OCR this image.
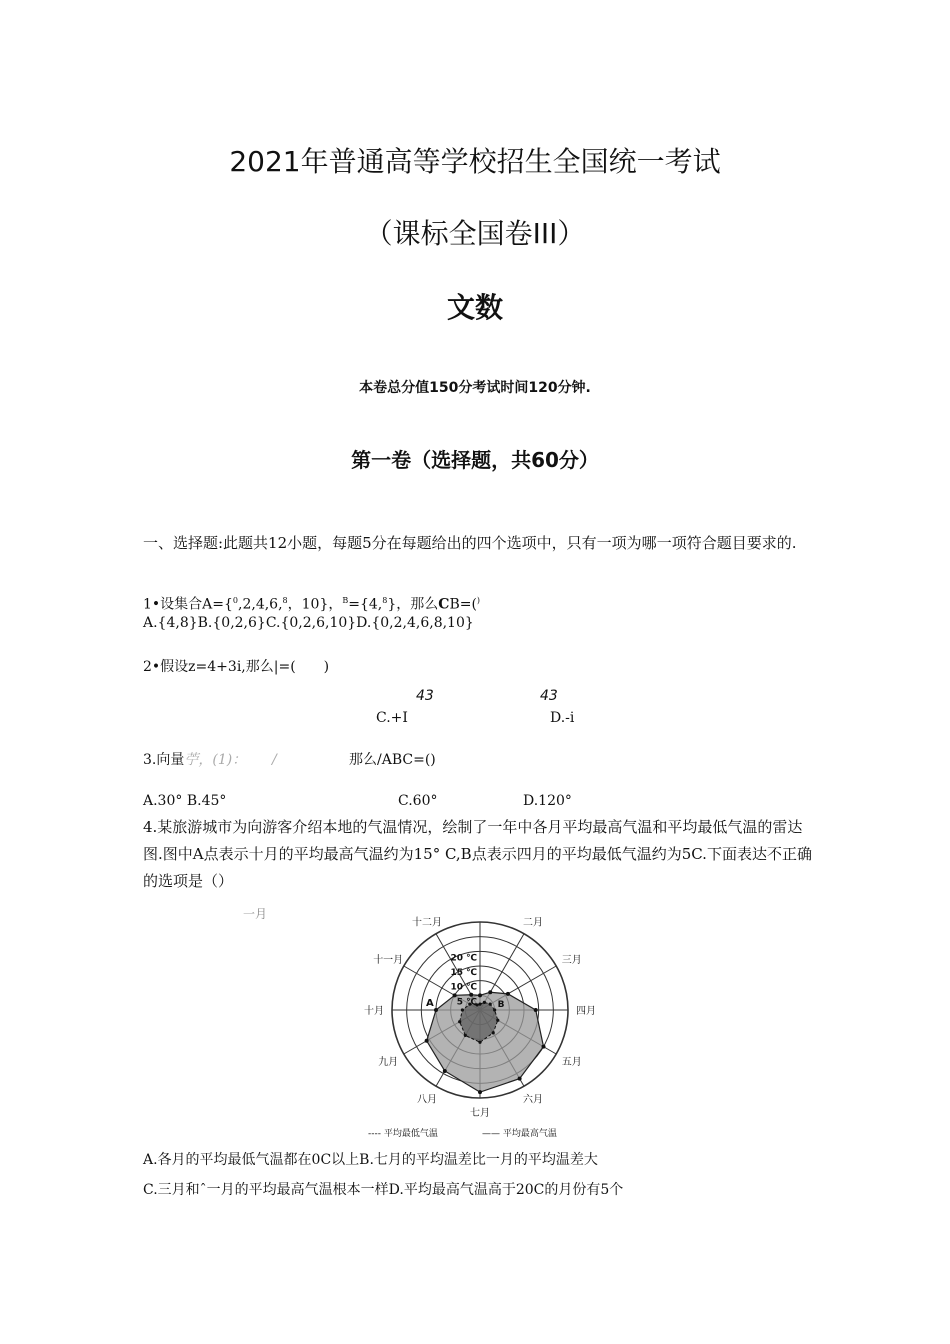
2021年普通高等学校招生全国统一考试
（课标全国卷III）
文数
本卷总分值150分考试时间120分钟.
第一卷（选择题，共60分）
一、选择题:此题共12小题，每题5分在每题给出的四个选项中，只有一项为哪一项符合题目要求的.
1•设集合A={$^0$,2,4,6,$^8$，10}，$^B$={4,$^8$}，那么CB=()
A.{4,8}B.{0,2,6}C.{0,2,6,10}D.{0,2,4,6,8,10}
2•假设z=4+3i,那么|=(　　)
43
C.+I
43
D.-i
3.向量苧，(1)： /	那么/ABC=()
A.30° B.45°	C.60°	D.120°
4.某旅游城市为向游客介绍本地的气温情况，绘制了一年中各月平均最高气温和平均最低气温的雷达图.图中A点表示十月的平均最高气温约为15° C,B点表示四月的平均最低气温约为5C.下面表达不正确的选项是（）
一月
二月
三月
四月
五月
六月
七月
八月
九月
十月
十一月
十二月
20 ℃
15 ℃
10 ℃
5 ℃
A	B
---- 平均最低气温	—— 平均最高气温
A.各月的平均最低气温都在0C以上B.七月的平均温差比一月的平均温差大
C.三月和ˆ一月的平均最高气温根本一样D.平均最高气温高于20C的月份有5个
